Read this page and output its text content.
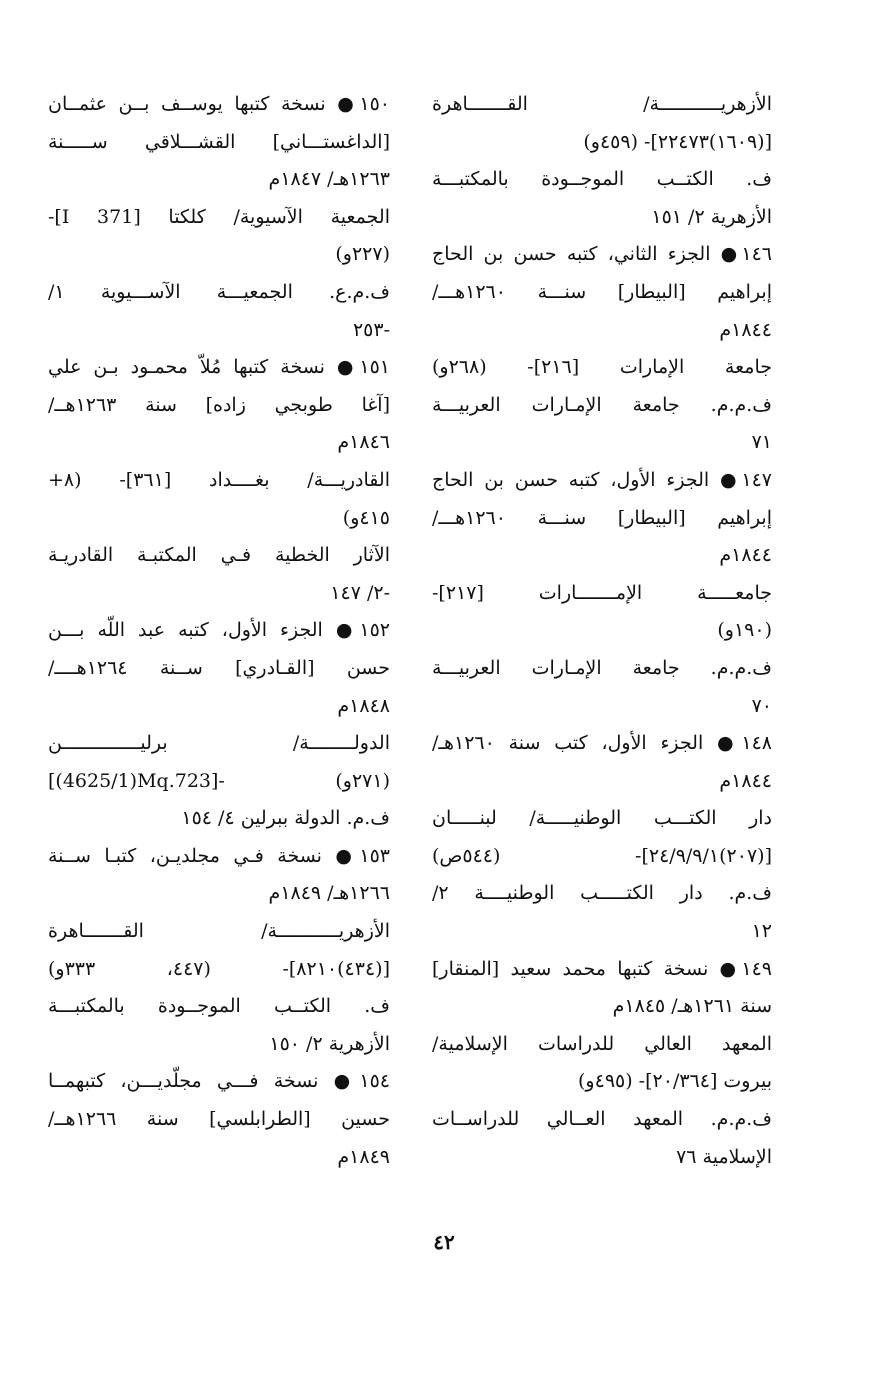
الأزهريـــــــــــة/ القـــــــاهرة
[(١٦٠٩)٢٢٤٧٣]- (٤٥٩و)
ف. الكتــب الموجــودة بالمكتبـــة
الأزهرية ٢/ ١٥١
١٤٦● الجزء الثاني، كتبه حسن بن الحاج
إبراهيم [البيطار] سنـــة ١٢٦٠هـــ/
١٨٤٤م
جامعة الإمارات [٢١٦]- (٢٦٨و)
ف.م.م. جامعة الإمـارات العربيـــة
٧١
١٤٧● الجزء الأول، كتبه حسن بن الحاج
إبراهيم [البيطار] سنـــة ١٢٦٠هـــ/
١٨٤٤م
جامعـــــة الإمـــــــارات [٢١٧]-
(١٩٠و)
ف.م.م. جامعة الإمـارات العربيـــة
٧٠
١٤٨● الجزء الأول، كتب سنة ١٢٦٠هـ/
١٨٤٤م
دار الكتـــب الوطنيـــــة/ لبنـــــان
[(٢٠٧)٢٤/٩/٩/١]- (٥٤٤ص)
ف.م. دار الكتـــــب الوطنيــــة ٢/
١٢
١٤٩● نسخة كتبها محمد سعيد [المنقار]
سنة ١٢٦١هـ/ ١٨٤٥م
المعهد العالي للدراسات الإسلامية/
بيروت [٢٠/٣٦٤]- (٤٩٥و)
ف.م.م. المعهد العــالي للدراســات
الإسلامية ٧٦
١٥٠● نسخة كتبها يوســف بــن عثمــان
[الداغستـــاني] القشـــلاقي ســـــنة
١٢٦٣هـ/ ١٨٤٧م
الجمعية الآسيوية/ كلكتا [371 I]-
(٢٢٧و)
ف.م.ع. الجمعيـــة الآســـيوية ١/
٢٥٣-
١٥١● نسخة كتبها مُلاّ محمـود بـن علي
[آغا طوبجي زاده] سنة ١٢٦٣هــ/
١٨٤٦م
القادريـــة/ بغــــداد [٣٦١]- (٨+
٤١٥و)
الآثار الخطية فـي المكتبـة القادريـة
٢/ ١٤٧-
١٥٢● الجزء الأول، كتبه عبد اللّه بـــن
حسن [القـادري] ســنة ١٢٦٤هــــ/
١٨٤٨م
الدولــــــــة/ برليــــــــــــــن
[(4625/1)Mq.723]- (٢٧١و)
ف.م. الدولة ببرلين ٤/ ١٥٤
١٥٣● نسخة فـي مجلديـن، كتبـا ســنة
١٢٦٦هـ/ ١٨٤٩م
الأزهريـــــــــــة/ القـــــــاهرة
[(٤٣٤)٨٢١٠]- (٤٤٧، ٣٣٣و)
ف. الكتــب الموجــودة بالمكتبـــة
الأزهرية ٢/ ١٥٠
١٥٤● نسخة فـــي مجلّديـــن، كتبهمــا
حسين [الطرابلسي] سنة ١٢٦٦هــ/
١٨٤٩م
٤٢
